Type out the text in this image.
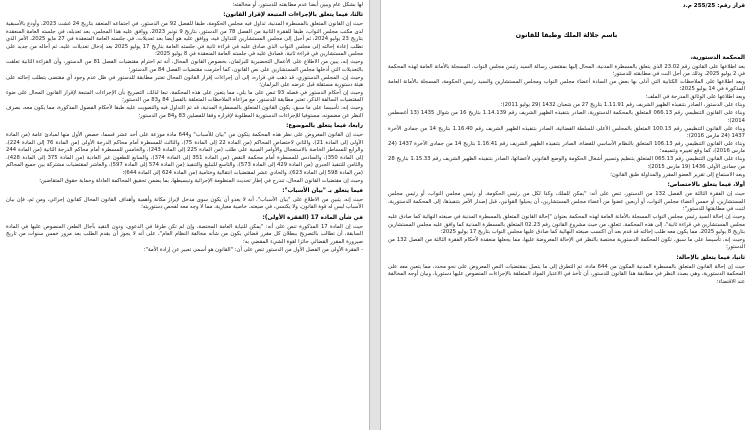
لها بشكل عام ويبين أيضا عدم مطابقته للدستور، أو مخالفته؛

ثالثا، فيما يتعلق بالإجراءات المتبعة لإقرار القانون:

حيث إن القانون المتعلق بالمسطرة المدنية، تداول فيه مجلس الحكومة، طبقا للفصل 92 من الدستور، في اجتماعه المنعقد بتاريخ 24 غشت 2023، وأودع بالأسبقية لدى مكتب مجلس النواب، طبقا للفقرة الثانية من الفصل 78 من الدستور، بتاريخ 9 نونبر 2023، ووافق عليه هذا المجلس، بعد تعديله، في جلسته العامة المنعقدة بتاريخ 23 يوليو 2024، ثم أحيل إلى مجلس المستشارين للتداول فيه، ووافق عليه هو أيضا بعد تعديلات، في جلسته العامة المنعقدة في 27 مايو 2025، الأمر الذي تطلب إعادة إحالته إلى مجلس النواب الذي صادق عليه في قراءة ثانية في جلسته العامة بتاريخ 17 يوليو 2025 بعد إدخال تعديلات عليه، ثم أحاله من جديد على مجلس المستشارين في قراءة ثانية، فصادق عليه في جلسته العامة المنعقدة في 8 يوليو 2025؛

وحيث إنه، يبين من الاطلاع على الأعمال التحضيرية للبرلمان، بخصوص القانون المحال، أنه تم احترام مقتضيات الفصل 81 من الدستور، وأن القراءة الثانية تعلقت بالتعديلات التي أدخلها مجلس المستشارين على نص القانون، كما أحترمت مقتضيات الفصل 84 من الدستور؛

وحيث إن، المجلس الدستوري، قد ذهب في قراره، إلى أن إجراءات إقرار القانون المحال تعتبر مطابقة للدستور في ظل عدم وجود أي مقتضى يتطلب إحالته على هيئة دستورية مستقلة قبل عرضه على البرلمان؛

وحيث إن أحكام الدستور في فصله 93 تنص على ما يلي، مما يتعين على هذه المحكمة، تبعا لذلك، التصريح بأن الإجراءات المتبعة لإقرار القانون المحال على ضوء المقتضيات السالفة الذكر، تعتبر مطابقة للدستور، مع مراعاة الملاحظات المتعلقة بالفصل 84 و83 من الدستور؛

وحيث إنه، تأسيسا على ما سبق، يكون القانون المتعلق بالمسطرة المدنية، قد تم التداول فيه والتصويت عليه طبقا لأحكام الفصول المذكورة، مما يكون معه، بصرف النظر عن مضمونه، مستوفيا للإجراءات الدستورية المطلوبة لإقراره وفقا للفصلين 83 و84 من الدستور؛

رابعا، فيما يتعلق بالموضوع:

حيث إن القانون المعروض على نظر هذه المحكمة يتكون من "بيان للأسباب" و644 مادة موزعة على أحد عشر قسما، خصص الأول منها لمبادئ عامة (من المادة الأولى إلى المادة 21)، والثاني لاختصاص المحاكم (من المادة 22 إلى المادة 75)، والثالث للمسطرة أمام محاكم الدرجة الأولى (من المادة 76 إلى المادة 224)، والرابع للمساطر الخاصة بالاستعجال والأوامر المبنية على طلب (من المادة 225 إلى المادة 243)، والخامس للمسطرة أمام محاكم الدرجة الثانية (من المادة 244 إلى المادة 350)، والسادس للمسطرة أمام محكمة النقض (من المادة 351 إلى المادة 374)، والسابع للطعون غير العادية (من المادة 375 إلى المادة 428)، والثامن للتنفيذ الجبري (من المادة 429 إلى المادة 573)، والتاسع للتبليغ والتنفيذ (من المادة 574 إلى المادة 597)، والعاشر لمقتضيات مشتركة بين جميع المحاكم (من المادة 598 إلى المادة 623)، والحادي عشر لمقتضيات انتقالية وختامية (من المادة 624 إلى المادة 644)؛

وحيث إن مقتضيات القانون المحال، تندرج في إطار تحديث المنظومة الإجرائية وتبسيطها، بما يضمن تحقيق المحاكمة العادلة وحماية حقوق المتقاضين؛

فيما يتعلق بـ "بيان الأسباب":

حيث إنه، يتبين من الاطلاع على "بيان الأسباب"، أنه لا يعدو أن يكون سوى مدخل لإبراز مكانة وأهمية وأهداف القانون المحال كقانون إجرائي، ومن ثم، فإن بيان الأسباب ليس له قوة القانون، ولا يكتسي، في صيغته، خاصية معيارية، مما لا وجه معه لفحص دستوريته؛

في شأن المادة 17 (الفقرة الأولى):

حيث إن المادة 17 المذكورة تنص على أنه: "يمكن للنيابة العامة المختصة، وإن لم تكن طرفا في الدعوى، ودون التقيد بآجال الطعن المنصوص عليها في المادة السابقة، أن تطالب بالتصريح ببطلان كل مقرر قضائي يكون من شأنه مخالفة النظام العام"، على أنه لا يجوز أن يقدم الطلب بعد مرور خمس سنوات من تاريخ صيرورة المقرر القضائي حائزا لقوة الشيء المقضي به؛

- الفقرة الأولى من الفصل الأول من الدستور تنص على أن: "القانون هو أسمى تعبير عن إرادة الأمة"؛

قرار رقم: 255/25 م.د

باسم جلالة الملك وطبقا للقانون

المحكمة الدستورية،

بعد اطلاعها على القانون رقم 23.02 الذي يتعلق بالمسطرة المدنية، المحال إليها بمقتضى رسالة السيد رئيس مجلس النواب، المسجلة بالأمانة العامة لهذه المحكمة في 2 يوليو 2025، وذلك من أجل البت في مطابقته للدستور؛

وبعد اطلاعها على الملاحظات الكتابية التي أدلى بها بعض من السادة أعضاء مجلس النواب ومجلس المستشارين والسيد رئيس الحكومة، المسجلة بالأمانة العامة المذكورة في 14 يوليو 2025؛

وبعد اطلاعها على الوثائق المدرجة في الملف؛

وبناء على الدستور، الصادر بتنفيذه الظهير الشريف رقم 1.11.91 بتاريخ 27 من شعبان 1432 (29 يوليو 2011)؛

وبناء على القانون التنظيمي رقم 066.13 المتعلق بالمحكمة الدستورية، الصادر بتنفيذه الظهير الشريف رقم 1.14.139 بتاريخ 16 من شوال 1435 (13 أغسطس 2014)؛

وبناء على القانون التنظيمي رقم 100.13 المتعلق بالمجلس الأعلى للسلطة القضائية، الصادر بتنفيذه الظهير الشريف رقم 1.16.40 بتاريخ 14 من جمادى الآخرة 1437 (24 مارس 2016)؛

وبناء على القانون التنظيمي رقم 106.13 المتعلق بالنظام الأساسي للقضاة، الصادر بتنفيذه الظهير الشريف رقم 1.16.41 بتاريخ 14 من جمادى الآخرة 1437 (24 مارس 2016)، كما وقع تغييره وتتميمه؛

وبناء على القانون التنظيمي رقم 065.13 المتعلق بتنظيم وتسيير أشغال الحكومة والوضع القانوني لأعضائها، الصادر بتنفيذه الظهير الشريف رقم 1.15.33 بتاريخ 28 من جمادى الأولى 1436 (19 مارس 2015)؛

وبعد الاستماع إلى تقرير العضو المقرر والمداولة طبق القانون؛

أولا، فيما يتعلق بالاختصاص:

حيث إن الفقرة الثالثة من الفصل 132 من الدستور، تنص على أنه: "يمكن للملك، وكذا لكل من رئيس الحكومة، أو رئيس مجلس النواب، أو رئيس مجلس المستشارين، أو خمس أعضاء مجلس النواب، أو أربعين عضوا من أعضاء مجلس المستشارين، أن يحيلوا القوانين، قبل إصدار الأمر بتنفيذها، إلى المحكمة الدستورية، لتبت في مطابقتها للدستور"؛

وحيث إن إحالة السيد رئيس مجلس النواب المسجلة بالأمانة العامة لهذه المحكمة بعنوان "إحالة القانون المتعلق بالمسطرة المدنية في صيغته النهائية كما صادق عليه مجلس المستشارين في قراءة ثانية"، إلى هذه المحكمة، تتعلق، من حيث مشروع القانون رقم 02.23 المتعلق بالمسطرة المدنية كما وافق عليه مجلس المستشارين بتاريخ 8 يوليو 2025، مما يكون معه طلب إحالته قد قدم بعد أن اكتسب صيغته النهائية كما صادق عليها مجلس النواب بتاريخ 17 يوليو 2025؛

وحيث إنه، تأسيسا على ما سبق، تكون المحكمة الدستورية مختصة بالنظر في الإحالة المعروضة عليها، مما يجعلها منعقدة لأحكام الفقرة الثالثة من الفصل 132 من الدستور؛

ثانيا، فيما يتعلق بالإحالة:

حيث إن إحالة القانون المتعلق بالمسطرة المدنية المكون من 644 مادة، تم التطرق إلى ما يتصل بمقتضيات النص المعروض على نحو محدد، مما يتعين معه على المحكمة الدستورية، وهي بصدد النظر في مطابقة هذا القانون للدستور، أن تأخذ في الاعتبار المواد المتعلقة بالإجراءات المنصوص عليها دستوريا، وبيان أوجه المخالفة عند الاقتضاء؛
